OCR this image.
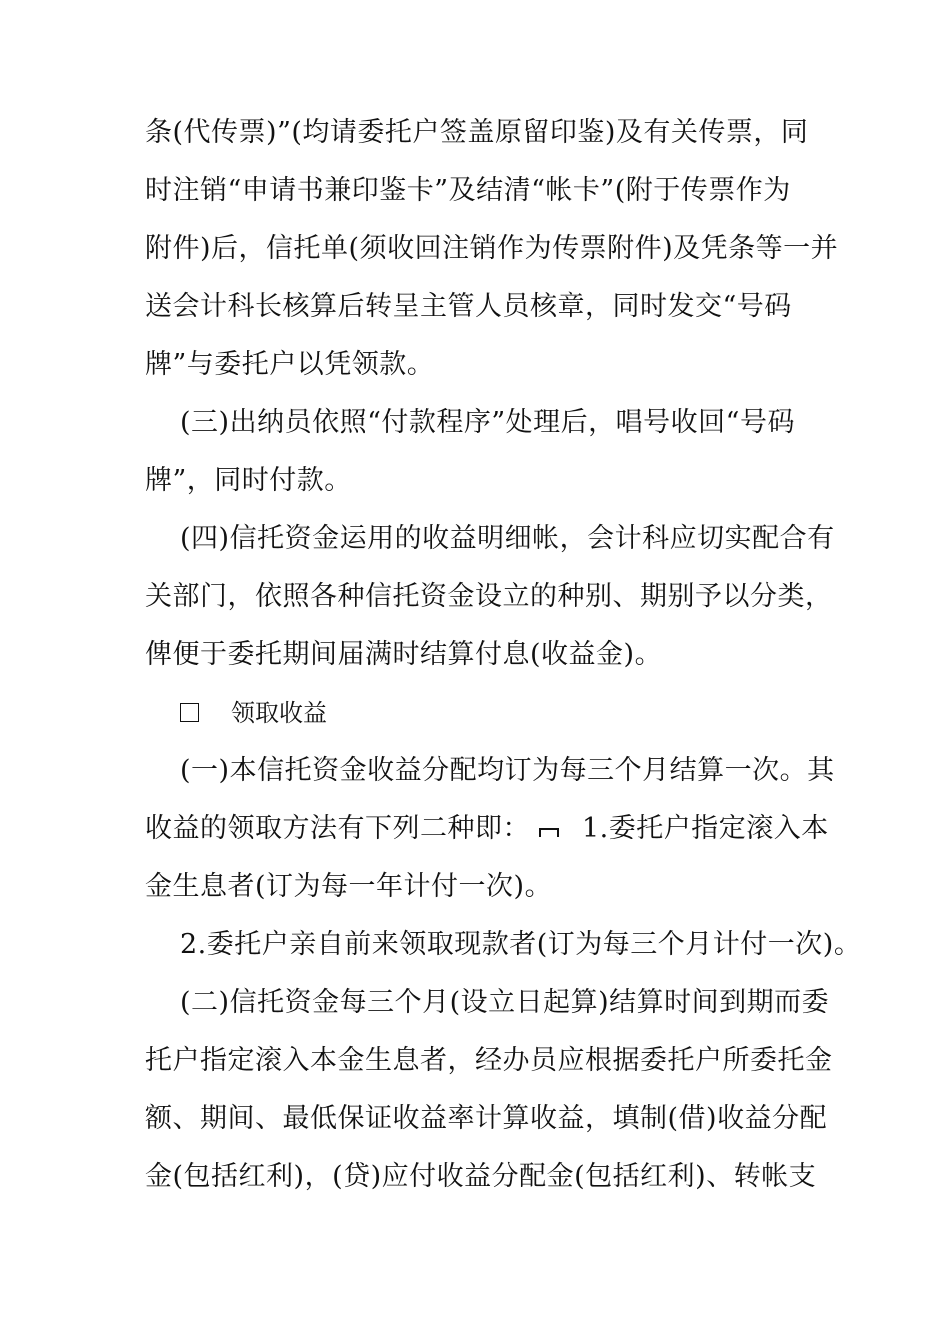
条(代传票)”(均请委托户签盖原留印鉴)及有关传票，同
时注销“申请书兼印鉴卡”及结清“帐卡”(附于传票作为
附件)后，信托单(须收回注销作为传票附件)及凭条等一并
送会计科长核算后转呈主管人员核章，同时发交“号码
牌”与委托户以凭领款。
(三)出纳员依照“付款程序”处理后，唱号收回“号码
牌”，同时付款。
(四)信托资金运用的收益明细帐，会计科应切实配合有
关部门，依照各种信托资金设立的种别、期别予以分类，
俾便于委托期间届满时结算付息(收益金)。
领取收益
(一)本信托资金收益分配均订为每三个月结算一次。其
收益的领取方法有下列二种即： 1.委托户指定滚入本
金生息者(订为每一年计付一次)。
2.委托户亲自前来领取现款者(订为每三个月计付一次)。
(二)信托资金每三个月(设立日起算)结算时间到期而委
托户指定滚入本金生息者，经办员应根据委托户所委托金
额、期间、最低保证收益率计算收益，填制(借)收益分配
金(包括红利)，(贷)应付收益分配金(包括红利)、转帐支
